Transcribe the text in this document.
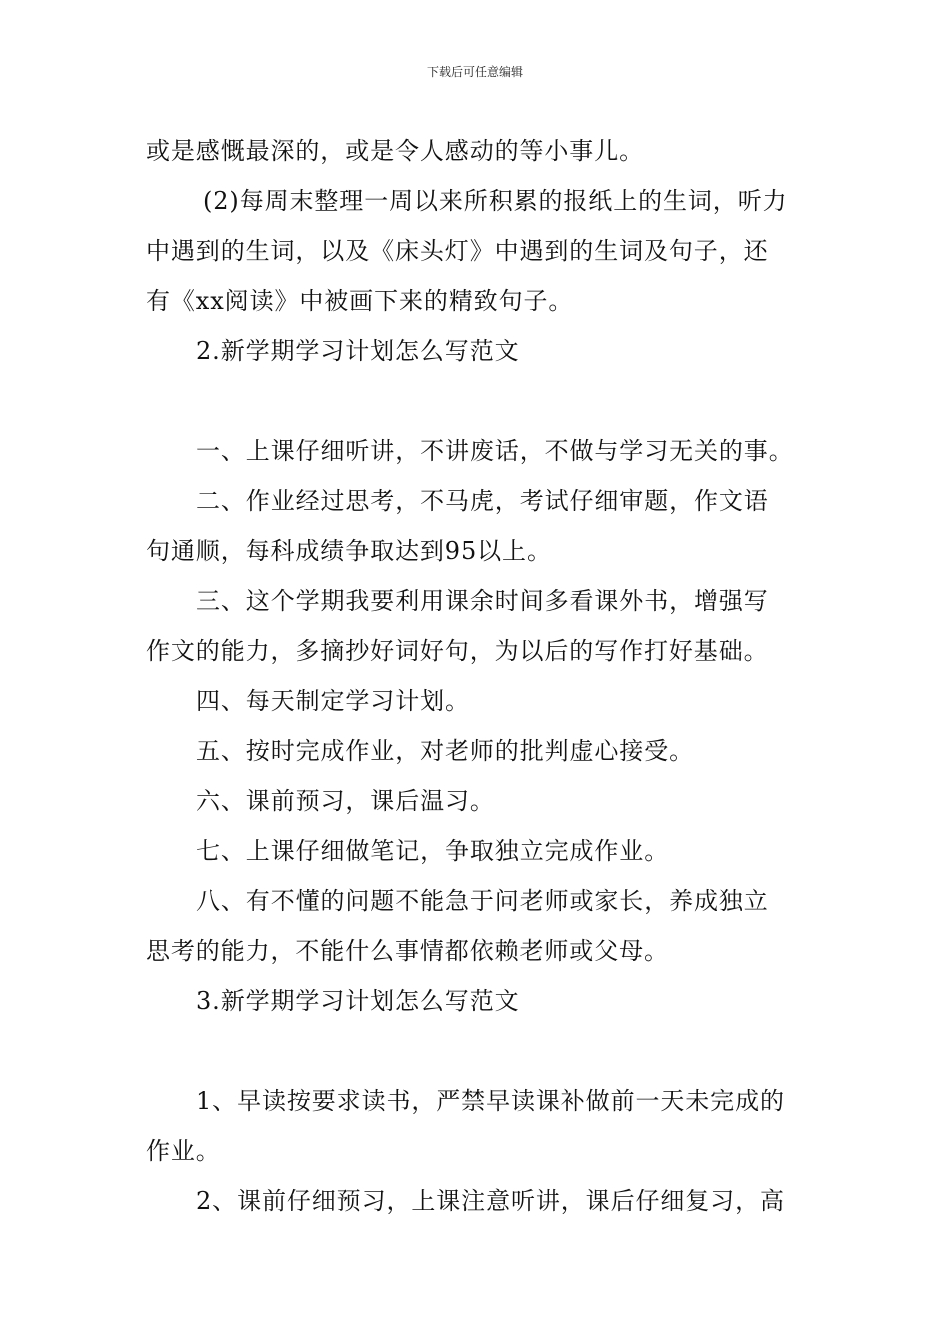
下载后可任意编辑
或是感慨最深的，或是令人感动的等小事儿。
(2)每周末整理一周以来所积累的报纸上的生词，听力
中遇到的生词，以及《床头灯》中遇到的生词及句子，还
有《xx阅读》中被画下来的精致句子。
2.新学期学习计划怎么写范文
一、上课仔细听讲，不讲废话，不做与学习无关的事。
二、作业经过思考，不马虎，考试仔细审题，作文语
句通顺，每科成绩争取达到95以上。
三、这个学期我要利用课余时间多看课外书，增强写
作文的能力，多摘抄好词好句，为以后的写作打好基础。
四、每天制定学习计划。
五、按时完成作业，对老师的批判虚心接受。
六、课前预习，课后温习。
七、上课仔细做笔记，争取独立完成作业。
八、有不懂的问题不能急于问老师或家长，养成独立
思考的能力，不能什么事情都依赖老师或父母。
3.新学期学习计划怎么写范文
1、早读按要求读书，严禁早读课补做前一天未完成的
作业。
2、课前仔细预习，上课注意听讲，课后仔细复习，高
